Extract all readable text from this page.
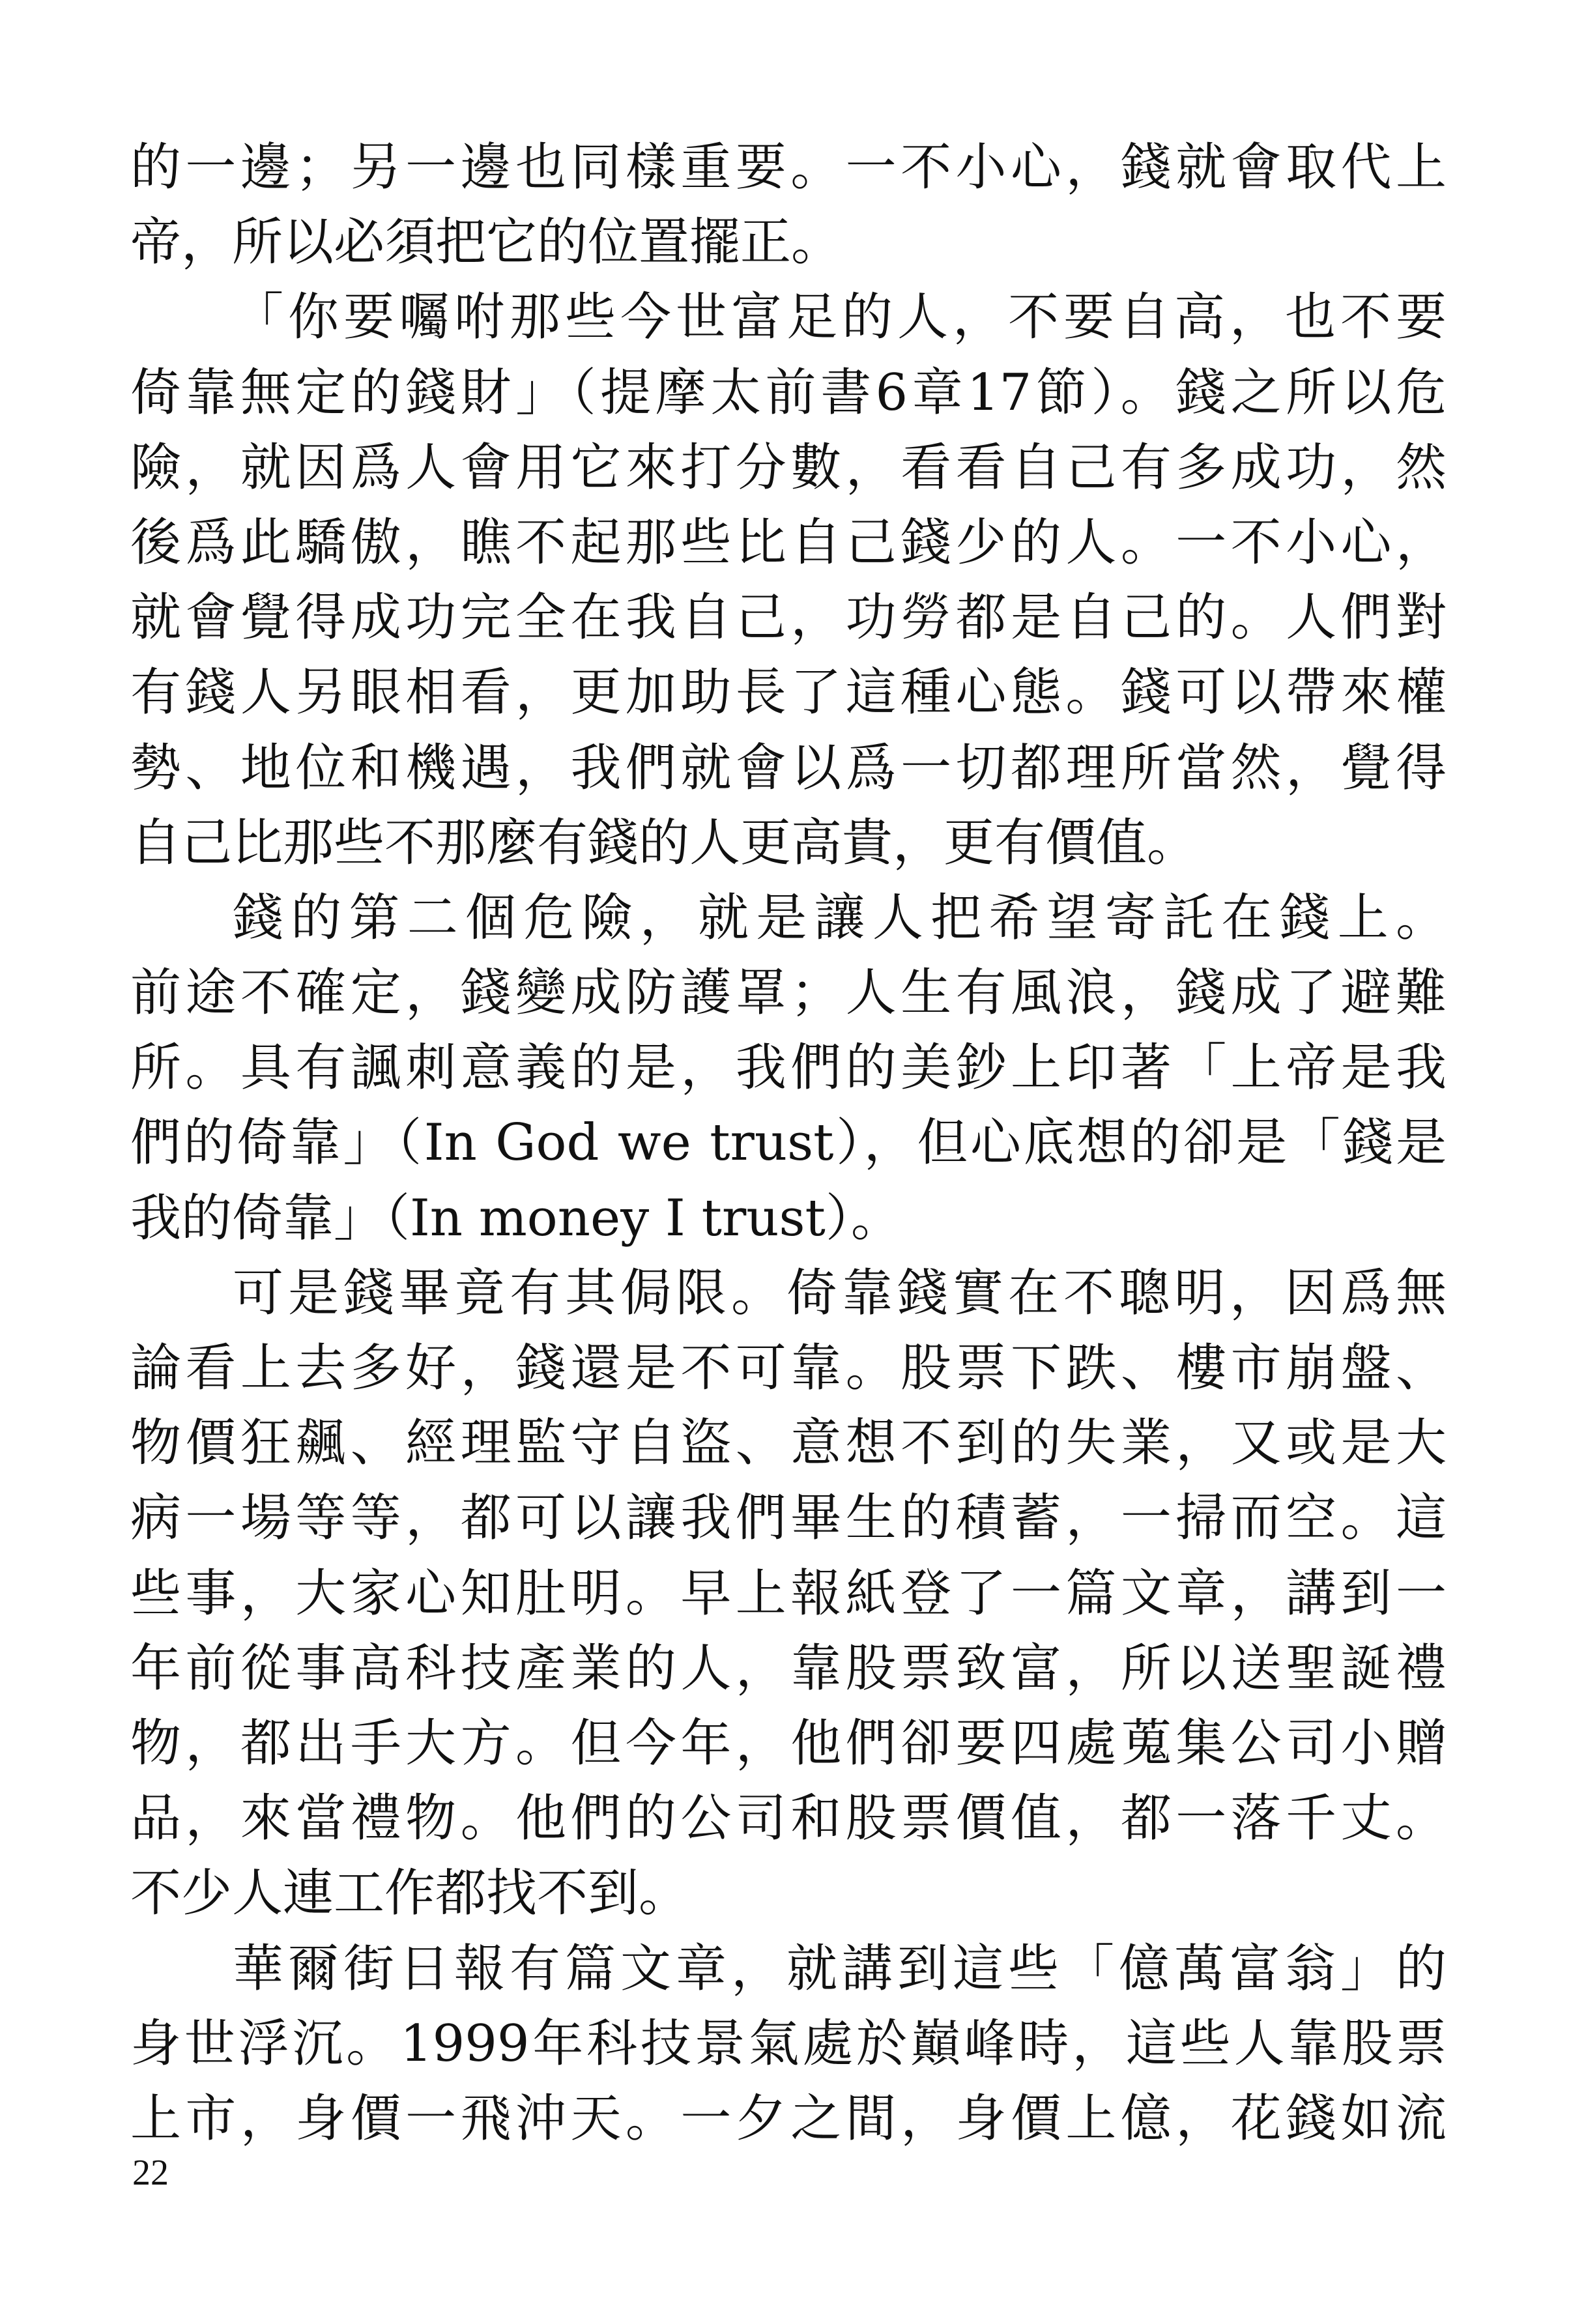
的一邊；另一邊也同樣重要。一不小心，錢就會取代上
帝，所以必須把它的位置擺正。
「你要囑咐那些今世富足的人，不要自高，也不要
倚靠無定的錢財」（提摩太前書6章17節）。錢之所以危
險，就因爲人會用它來打分數，看看自己有多成功，然
後爲此驕傲，瞧不起那些比自己錢少的人。一不小心，
就會覺得成功完全在我自己，功勞都是自己的。人們對
有錢人另眼相看，更加助長了這種心態。錢可以帶來權
勢、地位和機遇，我們就會以爲一切都理所當然，覺得
自己比那些不那麼有錢的人更高貴，更有價值。
錢的第二個危險，就是讓人把希望寄託在錢上。
前途不確定，錢變成防護罩；人生有風浪，錢成了避難
所。具有諷刺意義的是，我們的美鈔上印著「上帝是我
們的倚靠」（In God we trust），但心底想的卻是「錢是
我的倚靠」（In money I trust）。
可是錢畢竟有其侷限。倚靠錢實在不聰明，因爲無
論看上去多好，錢還是不可靠。股票下跌、樓市崩盤、
物價狂飆、經理監守自盜、意想不到的失業，又或是大
病一場等等，都可以讓我們畢生的積蓄，一掃而空。這
些事，大家心知肚明。早上報紙登了一篇文章，講到一
年前從事高科技產業的人，靠股票致富，所以送聖誕禮
物，都出手大方。但今年，他們卻要四處蒐集公司小贈
品，來當禮物。他們的公司和股票價值，都一落千丈。
不少人連工作都找不到。
華爾街日報有篇文章，就講到這些「億萬富翁」的
身世浮沉。1999年科技景氣處於巔峰時，這些人靠股票
上市，身價一飛沖天。一夕之間，身價上億，花錢如流
22
